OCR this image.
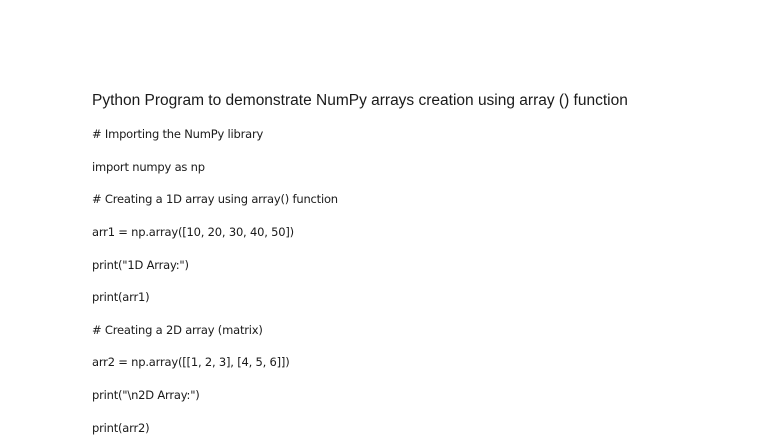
Python Program to demonstrate NumPy arrays creation using array () function

# Importing the NumPy library

import numpy as np

# Creating a 1D array using array() function

arr1 = np.array([10, 20, 30, 40, 50])

print("1D Array:")

print(arr1)

# Creating a 2D array (matrix)

arr2 = np.array([[1, 2, 3], [4, 5, 6]])

print("\n2D Array:")

print(arr2)
